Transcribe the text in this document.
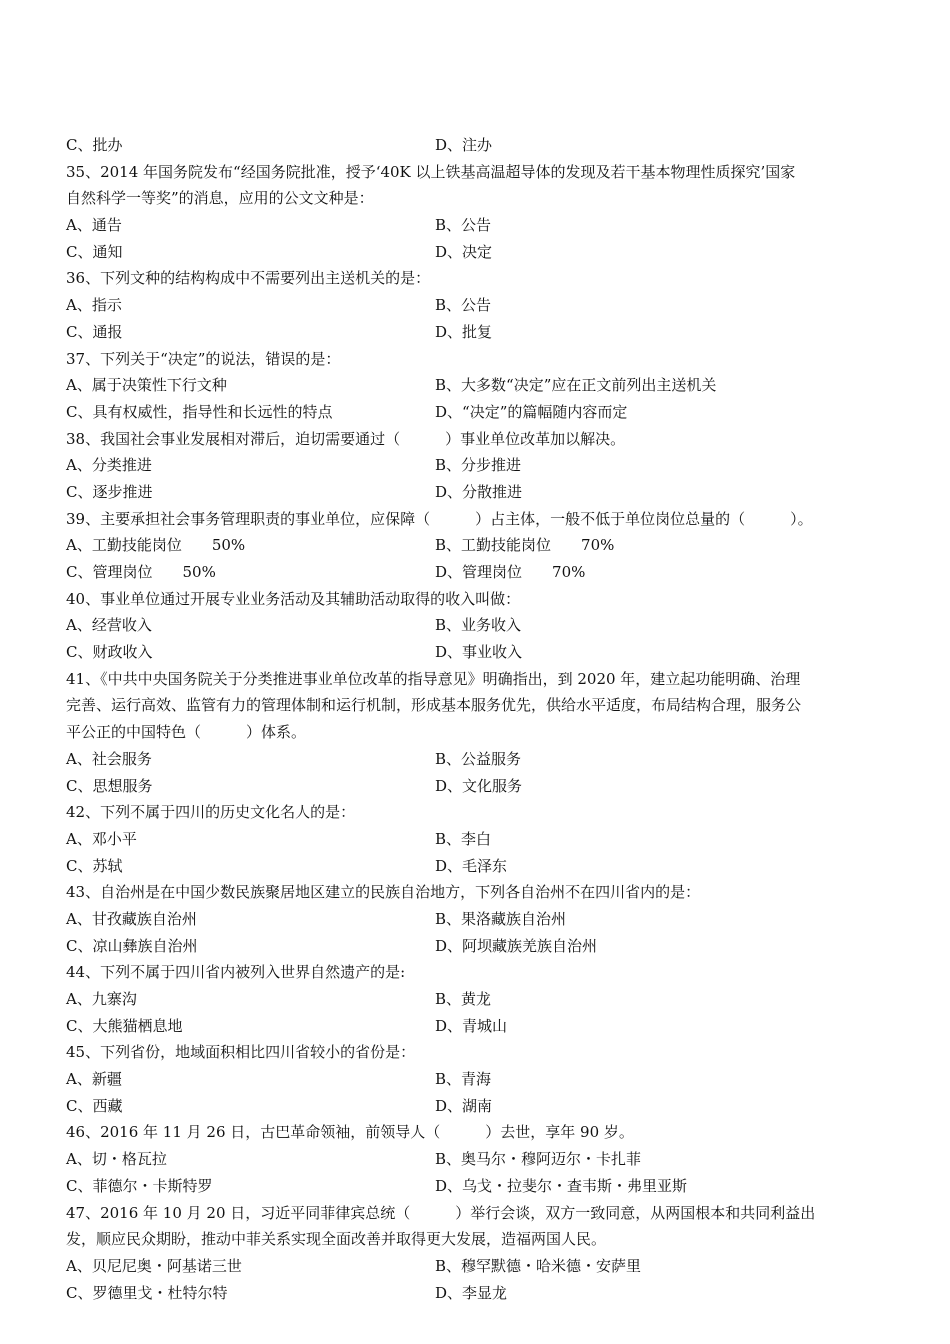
C、批办	D、注办
35、2014 年国务院发布“经国务院批准，授予‘40K 以上铁基高温超导体的发现及若干基本物理性质探究’国家
自然科学一等奖”的消息，应用的公文文种是：
A、通告	B、公告
C、通知	D、决定
36、下列文种的结构构成中不需要列出主送机关的是：
A、指示	B、公告
C、通报	D、批复
37、下列关于“决定”的说法，错误的是：
A、属于决策性下行文种	B、大多数“决定”应在正文前列出主送机关
C、具有权威性，指导性和长远性的特点	D、“决定”的篇幅随内容而定
38、我国社会事业发展相对滞后，迫切需要通过（　　　）事业单位改革加以解决。
A、分类推进	B、分步推进
C、逐步推进	D、分散推进
39、主要承担社会事务管理职责的事业单位，应保障（　　　）占主体，一般不低于单位岗位总量的（　　　）。
A、工勤技能岗位　　50%	B、工勤技能岗位　　70%
C、管理岗位　　50%	D、管理岗位　　70%
40、事业单位通过开展专业业务活动及其辅助活动取得的收入叫做：
A、经营收入	B、业务收入
C、财政收入	D、事业收入
41、《中共中央国务院关于分类推进事业单位改革的指导意见》明确指出，到 2020 年，建立起功能明确、治理
完善、运行高效、监管有力的管理体制和运行机制，形成基本服务优先，供给水平适度，布局结构合理，服务公
平公正的中国特色（　　　）体系。
A、社会服务	B、公益服务
C、思想服务	D、文化服务
42、下列不属于四川的历史文化名人的是：
A、邓小平	B、李白
C、苏轼	D、毛泽东
43、自治州是在中国少数民族聚居地区建立的民族自治地方，下列各自治州不在四川省内的是：
A、甘孜藏族自治州	B、果洛藏族自治州
C、凉山彝族自治州	D、阿坝藏族羌族自治州
44、下列不属于四川省内被列入世界自然遗产的是:
A、九寨沟	B、黄龙
C、大熊猫栖息地	D、青城山
45、下列省份，地域面积相比四川省较小的省份是：
A、新疆	B、青海
C、西藏	D、湖南
46、2016 年 11 月 26 日，古巴革命领袖，前领导人（　　　）去世，享年 90 岁。
A、切・格瓦拉	B、奥马尔・穆阿迈尔・卡扎菲
C、菲德尔・卡斯特罗	D、乌戈・拉斐尔・查韦斯・弗里亚斯
47、2016 年 10 月 20 日，习近平同菲律宾总统（　　　）举行会谈，双方一致同意，从两国根本和共同利益出
发，顺应民众期盼，推动中菲关系实现全面改善并取得更大发展，造福两国人民。
A、贝尼尼奥・阿基诺三世	B、穆罕默德・哈米德・安萨里
C、罗德里戈・杜特尔特	D、李显龙
